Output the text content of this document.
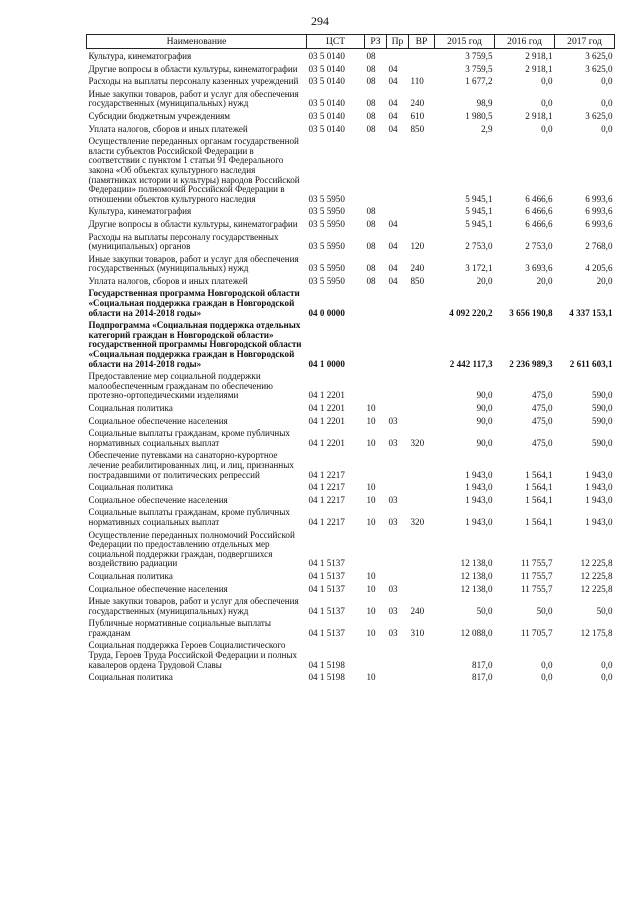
294
Наименование	ЦСТ	РЗ	Пр	ВР	2015 год	2016 год	2017 год
Культура, кинематография	03 5 0140	08			3 759,5	2 918,1	3 625,0
Другие вопросы в области культуры, кинематографии	03 5 0140	08	04		3 759,5	2 918,1	3 625,0
Расходы на выплаты персоналу казенных учреждений	03 5 0140	08	04	110	1 677,2	0,0	0,0
Иные закупки товаров, работ и услуг для обеспечения государственных (муниципальных) нужд	03 5 0140	08	04	240	98,9	0,0	0,0
Субсидии бюджетным учреждениям	03 5 0140	08	04	610	1 980,5	2 918,1	3 625,0
Уплата налогов, сборов и иных платежей	03 5 0140	08	04	850	2,9	0,0	0,0
Осуществление переданных органам государственной власти субъектов Российской Федерации в соответствии с пунктом 1 статьи 91 Федерального закона «Об объектах культурного наследия (памятниках истории и культуры) народов Российской Федерации» полномочий Российской Федерации в отношении объектов культурного наследия	03 5 5950				5 945,1	6 466,6	6 993,6
Культура, кинематография	03 5 5950	08			5 945,1	6 466,6	6 993,6
Другие вопросы в области культуры, кинематографии	03 5 5950	08	04		5 945,1	6 466,6	6 993,6
Расходы на выплаты персоналу государственных (муниципальных) органов	03 5 5950	08	04	120	2 753,0	2 753,0	2 768,0
Иные закупки товаров, работ и услуг для обеспечения государственных (муниципальных) нужд	03 5 5950	08	04	240	3 172,1	3 693,6	4 205,6
Уплата налогов, сборов и иных платежей	03 5 5950	08	04	850	20,0	20,0	20,0
Государственная программа Новгородской области «Социальная поддержка граждан в Новгородской области на 2014-2018 годы»	04 0 0000				4 092 220,2	3 656 190,8	4 337 153,1
Подпрограмма «Социальная поддержка отдельных категорий граждан в Новгородской области» государственной программы Новгородской области «Социальная поддержка граждан в Новгородской области на 2014-2018 годы»	04 1 0000				2 442 117,3	2 236 989,3	2 611 603,1
Предоставление мер социальной поддержки малообеспеченным гражданам по обеспечению протезно-ортопедическими изделиями	04 1 2201				90,0	475,0	590,0
Социальная политика	04 1 2201	10			90,0	475,0	590,0
Социальное обеспечение населения	04 1 2201	10	03		90,0	475,0	590,0
Социальные выплаты гражданам, кроме публичных нормативных социальных выплат	04 1 2201	10	03	320	90,0	475,0	590,0
Обеспечение путевками на санаторно-курортное лечение реабилитированных лиц, и лиц, признанных пострадавшими от политических репрессий	04 1 2217				1 943,0	1 564,1	1 943,0
Социальная политика	04 1 2217	10			1 943,0	1 564,1	1 943,0
Социальное обеспечение населения	04 1 2217	10	03		1 943,0	1 564,1	1 943,0
Социальные выплаты гражданам, кроме публичных нормативных социальных выплат	04 1 2217	10	03	320	1 943,0	1 564,1	1 943,0
Осуществление переданных полномочий Российской Федерации по предоставлению отдельных мер социальной поддержки граждан, подвергшихся воздействию радиации	04 1 5137				12 138,0	11 755,7	12 225,8
Социальная политика	04 1 5137	10			12 138,0	11 755,7	12 225,8
Социальное обеспечение населения	04 1 5137	10	03		12 138,0	11 755,7	12 225,8
Иные закупки товаров, работ и услуг для обеспечения государственных (муниципальных) нужд	04 1 5137	10	03	240	50,0	50,0	50,0
Публичные нормативные социальные выплаты гражданам	04 1 5137	10	03	310	12 088,0	11 705,7	12 175,8
Социальная поддержка Героев Социалистического Труда, Героев Труда Российской Федерации и полных кавалеров ордена Трудовой Славы	04 1 5198				817,0	0,0	0,0
Социальная политика	04 1 5198	10			817,0	0,0	0,0
